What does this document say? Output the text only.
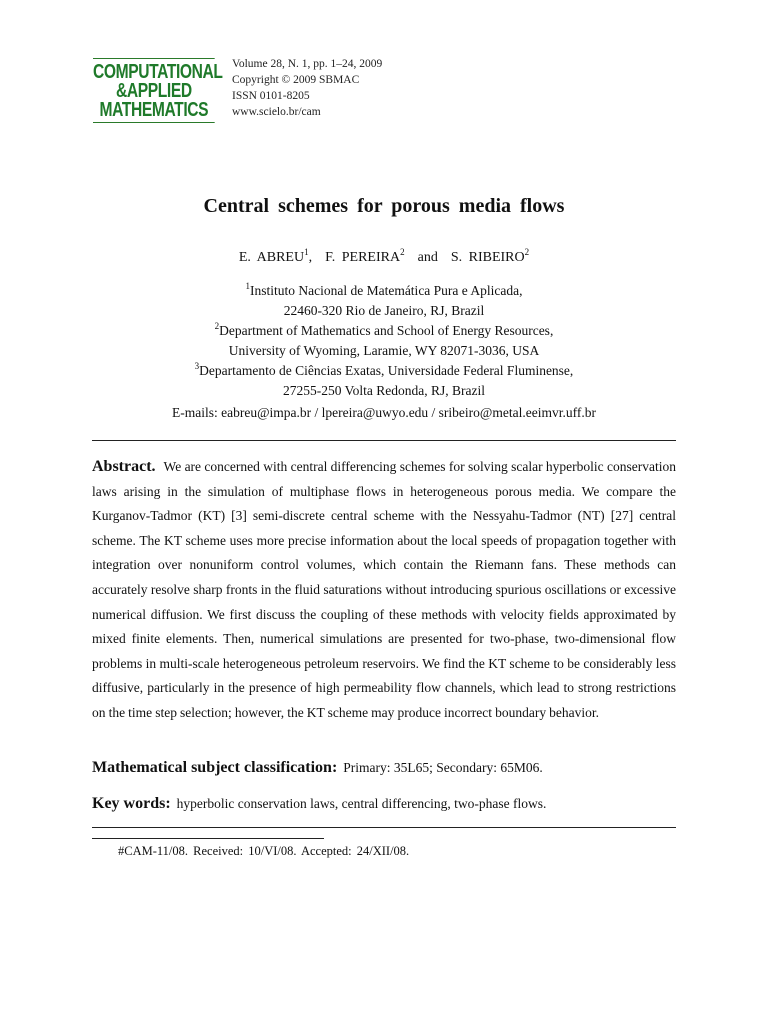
COMPUTATIONAL
&APPLIED
MATHEMATICS
Volume 28, N. 1, pp. 1–24, 2009
Copyright © 2009 SBMAC
ISSN 0101-8205
www.scielo.br/cam
Central schemes for porous media flows
E. ABREU$^1$,  F. PEREIRA$^2$  and  S. RIBEIRO$^2$
$^1$Instituto Nacional de Matemática Pura e Aplicada,
22460-320 Rio de Janeiro, RJ, Brazil
$^2$Department of Mathematics and School of Energy Resources,
University of Wyoming, Laramie, WY 82071-3036, USA
$^3$Departamento de Ciências Exatas, Universidade Federal Fluminense,
27255-250 Volta Redonda, RJ, Brazil
E-mails: eabreu@impa.br / lpereira@uwyo.edu / sribeiro@metal.eeimvr.uff.br
Abstract. We are concerned with central differencing schemes for solving scalar hyperbolic conservation laws arising in the simulation of multiphase flows in heterogeneous porous media. We compare the Kurganov-Tadmor (KT) [3] semi-discrete central scheme with the Nessyahu-Tadmor (NT) [27] central scheme. The KT scheme uses more precise information about the local speeds of propagation together with integration over nonuniform control volumes, which contain the Riemann fans. These methods can accurately resolve sharp fronts in the fluid saturations without introducing spurious oscillations or excessive numerical diffusion. We first discuss the coupling of these methods with velocity fields approximated by mixed finite elements. Then, numerical simulations are presented for two-phase, two-dimensional flow problems in multi-scale heterogeneous petroleum reservoirs. We find the KT scheme to be considerably less diffusive, particularly in the presence of high permeability flow channels, which lead to strong restrictions on the time step selection; however, the KT scheme may produce incorrect boundary behavior.
Mathematical subject classification: Primary: 35L65; Secondary: 65M06.
Key words: hyperbolic conservation laws, central differencing, two-phase flows.
#CAM-11/08. Received: 10/VI/08. Accepted: 24/XII/08.
